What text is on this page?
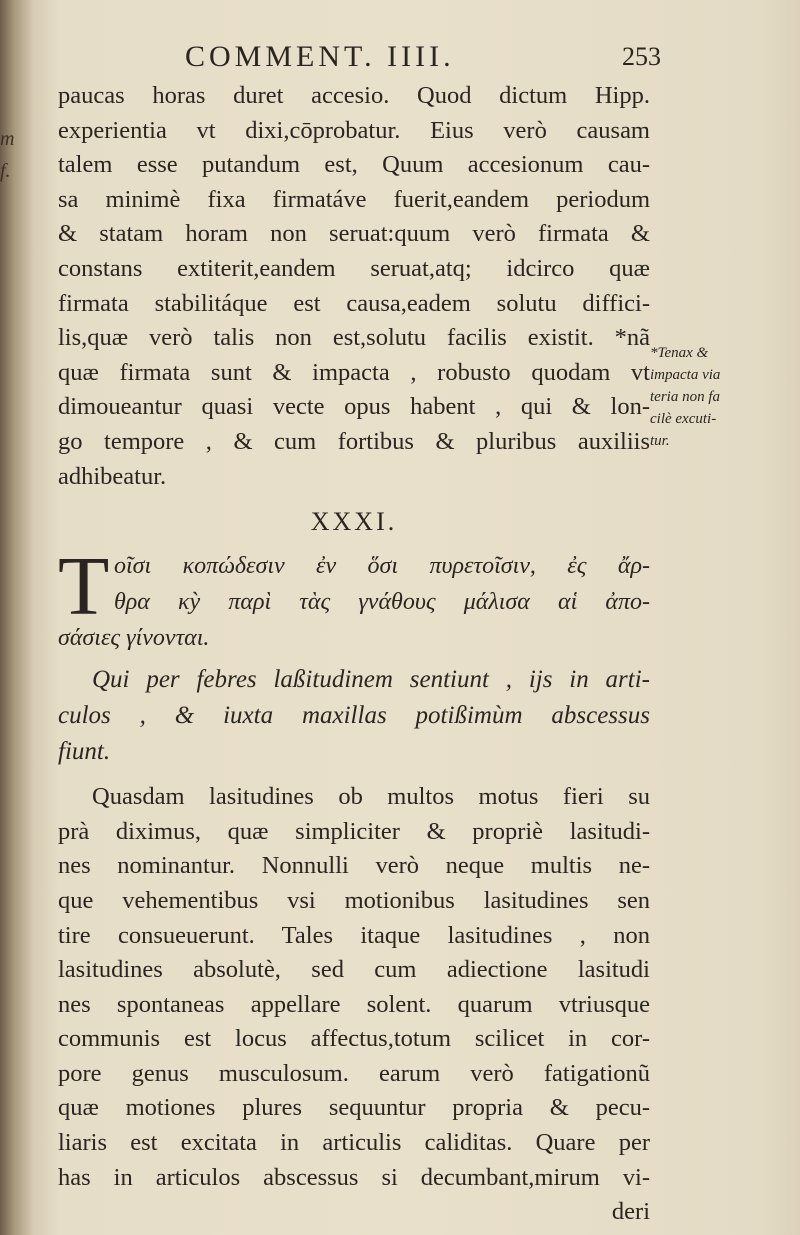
m
f.
COMMENT. IIII.	253
paucas horas duret accesio. Quod dictum Hipp.
experientia vt dixi,cōprobatur. Eius verò causam
talem esse putandum est, Quum accesionum cau-
sa minimè fixa firmatáve fuerit,eandem periodum
& statam horam non seruat:quum verò firmata &
constans extiterit,eandem seruat,atq; idcirco quæ
firmata stabilitáque est causa,eadem solutu diffici-
lis,quæ verò talis non est,solutu facilis existit. *nã
quæ firmata sunt & impacta , robusto quodam vt
dimoueantur quasi vecte opus habent , qui & lon-
go tempore , & cum fortibus & pluribus auxiliis
adhibeatur.
XXXI.
T οῖσι κοπώδεσιν ἐν ὅσι πυρετοῖσιν, ἐς ἄρ-
θρα κỳ παρὶ τὰς γνάθους μάλισα αἱ ἀπο-
σάσιες γίνονται.
Qui per febres laßitudinem sentiunt , ijs in arti-
culos , & iuxta maxillas potißimùm abscessus
fiunt.
Quasdam lasitudines ob multos motus fieri su
prà diximus, quæ simpliciter & propriè lasitudi-
nes nominantur. Nonnulli verò neque multis ne-
que vehementibus vsi motionibus lasitudines sen
tire consueuerunt. Tales itaque lasitudines , non
lasitudines absolutè, sed cum adiectione lasitudi
nes spontaneas appellare solent. quarum vtriusque
communis est locus affectus,totum scilicet in cor-
pore genus musculosum. earum verò fatigationũ
quæ motiones plures sequuntur propria & pecu-
liaris est excitata in articulis caliditas. Quare per
has in articulos abscessus si decumbant,mirum vi-
deri
*Tenax &
impacta via
teria non fa
cilè excuti-
tur.
